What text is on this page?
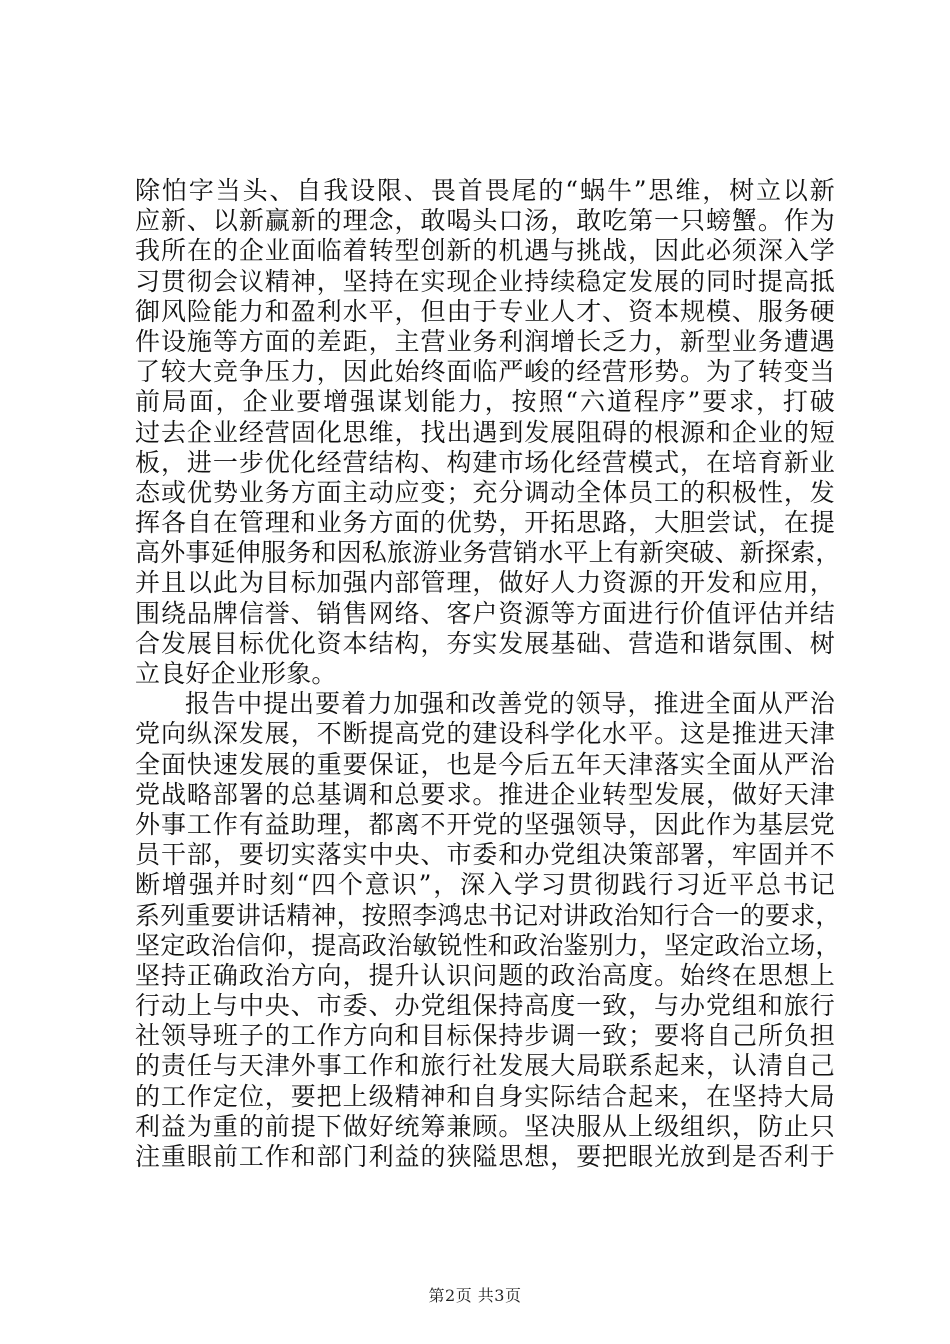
除怕字当头、自我设限、畏首畏尾的“蜗牛”思维，树立以新
应新、以新赢新的理念，敢喝头口汤，敢吃第一只螃蟹。作为
我所在的企业面临着转型创新的机遇与挑战，因此必须深入学
习贯彻会议精神，坚持在实现企业持续稳定发展的同时提高抵
御风险能力和盈利水平，但由于专业人才、资本规模、服务硬
件设施等方面的差距，主营业务利润增长乏力，新型业务遭遇
了较大竞争压力，因此始终面临严峻的经营形势。为了转变当
前局面，企业要增强谋划能力，按照“六道程序”要求，打破
过去企业经营固化思维，找出遇到发展阻碍的根源和企业的短
板，进一步优化经营结构、构建市场化经营模式，在培育新业
态或优势业务方面主动应变；充分调动全体员工的积极性，发
挥各自在管理和业务方面的优势，开拓思路，大胆尝试，在提
高外事延伸服务和因私旅游业务营销水平上有新突破、新探索，
并且以此为目标加强内部管理，做好人力资源的开发和应用，
围绕品牌信誉、销售网络、客户资源等方面进行价值评估并结
合发展目标优化资本结构，夯实发展基础、营造和谐氛围、树
立良好企业形象。
报告中提出要着力加强和改善党的领导，推进全面从严治
党向纵深发展，不断提高党的建设科学化水平。这是推进天津
全面快速发展的重要保证，也是今后五年天津落实全面从严治
党战略部署的总基调和总要求。推进企业转型发展，做好天津
外事工作有益助理，都离不开党的坚强领导，因此作为基层党
员干部，要切实落实中央、市委和办党组决策部署，牢固并不
断增强并时刻“四个意识”，深入学习贯彻践行习近平总书记
系列重要讲话精神，按照李鸿忠书记对讲政治知行合一的要求，
坚定政治信仰，提高政治敏锐性和政治鉴别力，坚定政治立场，
坚持正确政治方向，提升认识问题的政治高度。始终在思想上
行动上与中央、市委、办党组保持高度一致，与办党组和旅行
社领导班子的工作方向和目标保持步调一致；要将自己所负担
的责任与天津外事工作和旅行社发展大局联系起来，认清自己
的工作定位，要把上级精神和自身实际结合起来，在坚持大局
利益为重的前提下做好统筹兼顾。坚决服从上级组织，防止只
注重眼前工作和部门利益的狭隘思想，要把眼光放到是否利于
第2页 共3页
